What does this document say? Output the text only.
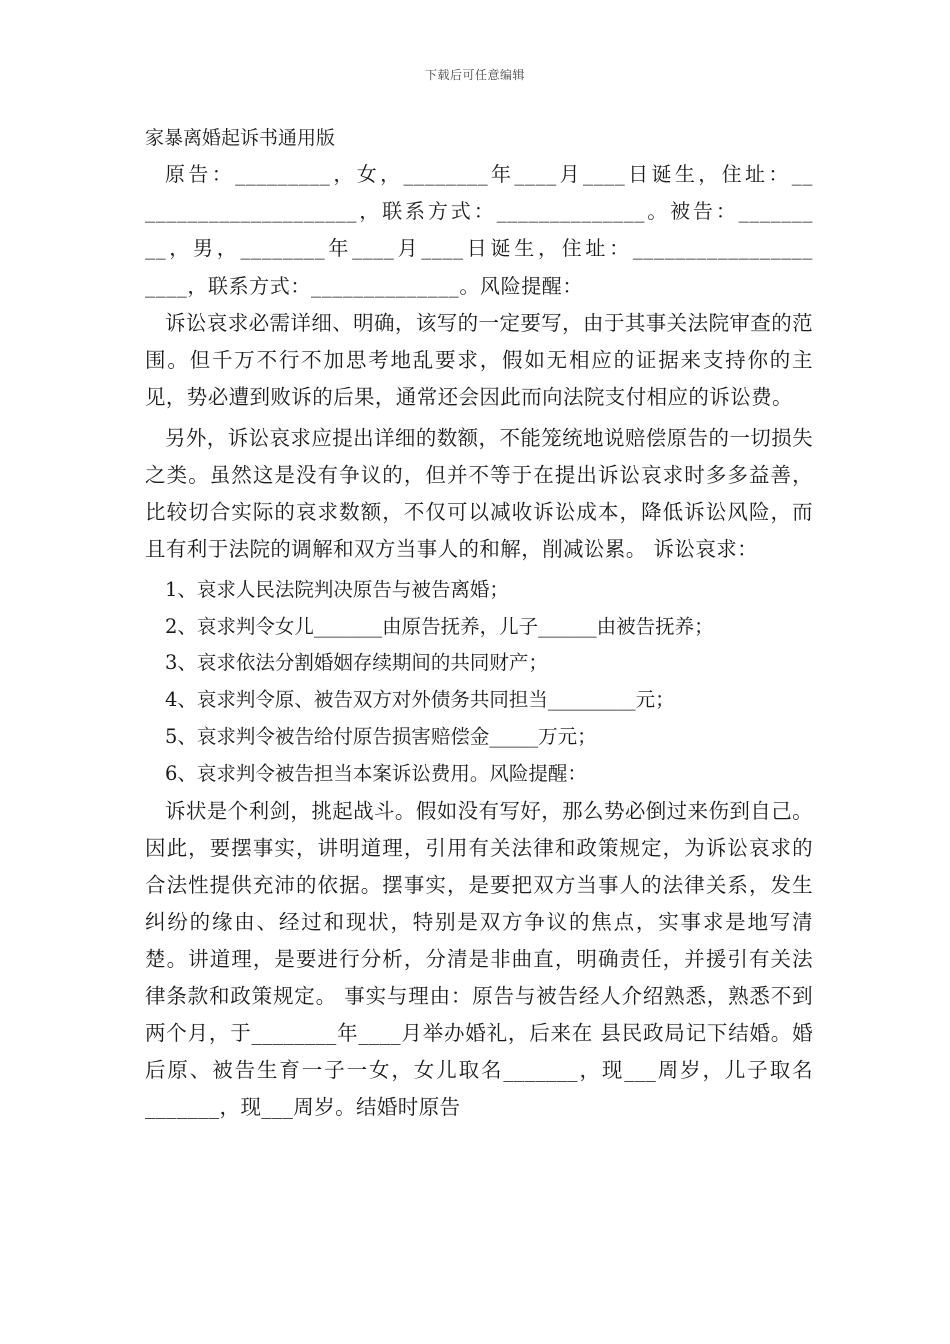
下载后可任意编辑

家暴离婚起诉书通用版

原告：_________，女，________年____月____日诞生，住址：__ ____________________，联系方式：______________。被告：_______ __，男，________年____月____日诞生，住址：_________________ ____，联系方式：______________。风险提醒：

诉讼哀求必需详细、明确，该写的一定要写，由于其事关法院审查的范围。但千万不行不加思考地乱要求，假如无相应的证据来支持你的主见，势必遭到败诉的后果，通常还会因此而向法院支付相应的诉讼费。

另外，诉讼哀求应提出详细的数额，不能笼统地说赔偿原告的一切损失之类。虽然这是没有争议的，但并不等于在提出诉讼哀求时多多益善，比较切合实际的哀求数额，不仅可以减收诉讼成本，降低诉讼风险，而且有利于法院的调解和双方当事人的和解，削减讼累。 诉讼哀求：

1、哀求人民法院判决原告与被告离婚；
2、哀求判令女儿_______由原告抚养，儿子______由被告抚养；
3、哀求依法分割婚姻存续期间的共同财产；
4、哀求判令原、被告双方对外债务共同担当_________元；
5、哀求判令被告给付原告损害赔偿金_____万元；
6、哀求判令被告担当本案诉讼费用。风险提醒：

诉状是个利剑，挑起战斗。假如没有写好，那么势必倒过来伤到自己。因此，要摆事实，讲明道理，引用有关法律和政策规定，为诉讼哀求的合法性提供充沛的依据。摆事实，是要把双方当事人的法律关系，发生纠纷的缘由、经过和现状，特别是双方争议的焦点，实事求是地写清楚。讲道理，是要进行分析，分清是非曲直，明确责任，并援引有关法律条款和政策规定。 事实与理由：原告与被告经人介绍熟悉，熟悉不到两个月，于________年____月举办婚礼，后来在 县民政局记下结婚。婚后原、被告生育一子一女，女儿取名_______，现___周岁，儿子取名_______，现___周岁。结婚时原告
